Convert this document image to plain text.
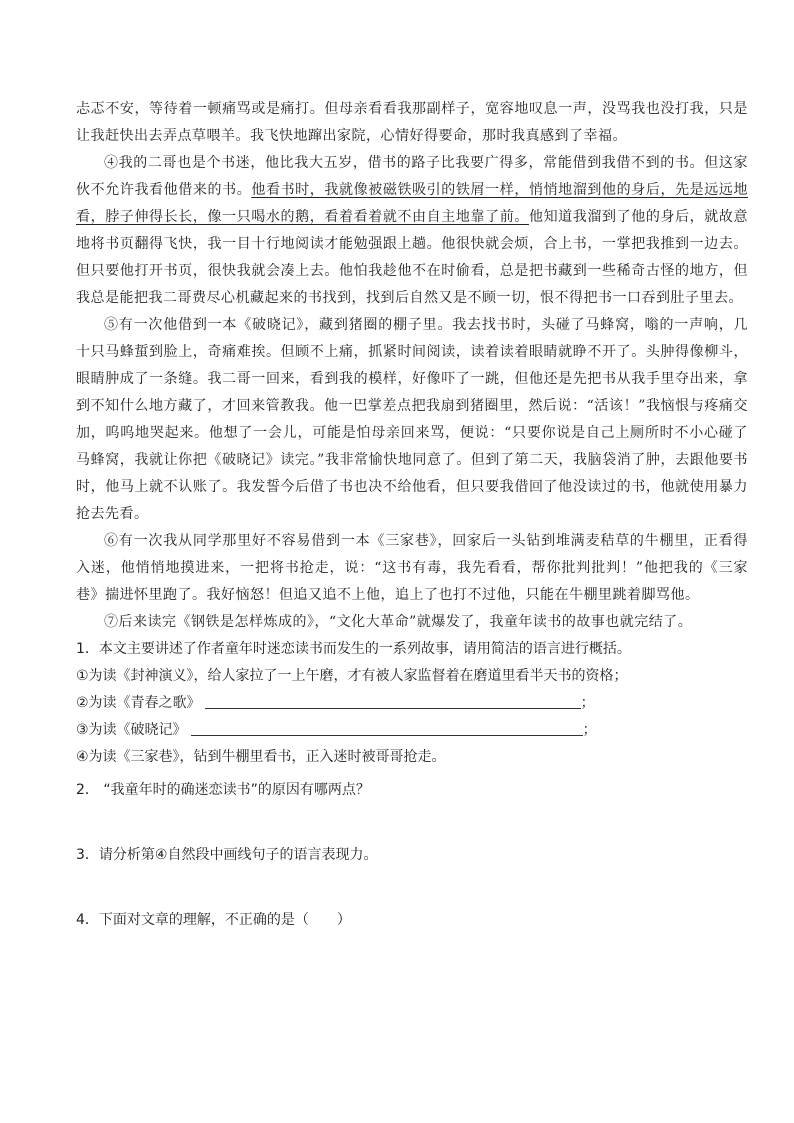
忐忑不安，等待着一顿痛骂或是痛打。但母亲看看我那副样子，宽容地叹息一声，没骂我也没打我，只是让我赶快出去弄点草喂羊。我飞快地蹿出家院，心情好得要命，那时我真感到了幸福。

④我的二哥也是个书迷，他比我大五岁，借书的路子比我要广得多，常能借到我借不到的书。但这家伙不允许我看他借来的书。他看书时，我就像被磁铁吸引的铁屑一样，悄悄地溜到他的身后，先是远远地看，脖子伸得长长，像一只喝水的鹅，看着看着就不由自主地靠了前。他知道我溜到了他的身后，就故意地将书页翻得飞快，我一目十行地阅读才能勉强跟上趟。他很快就会烦，合上书，一掌把我推到一边去。但只要他打开书页，很快我就会凑上去。他怕我趁他不在时偷看，总是把书藏到一些稀奇古怪的地方，但我总是能把我二哥费尽心机藏起来的书找到，找到后自然又是不顾一切，恨不得把书一口吞到肚子里去。

⑤有一次他借到一本《破晓记》，藏到猪圈的棚子里。我去找书时，头碰了马蜂窝，嗡的一声响，几十只马蜂蜇到脸上，奇痛难挨。但顾不上痛，抓紧时间阅读，读着读着眼睛就睁不开了。头肿得像柳斗，眼睛肿成了一条缝。我二哥一回来，看到我的模样，好像吓了一跳，但他还是先把书从我手里夺出来，拿到不知什么地方藏了，才回来管教我。他一巴掌差点把我扇到猪圈里，然后说：“活该！”我恼恨与疼痛交加，呜呜地哭起来。他想了一会儿，可能是怕母亲回来骂，便说：“只要你说是自己上厕所时不小心碰了马蜂窝，我就让你把《破晓记》读完。”我非常愉快地同意了。但到了第二天，我脑袋消了肿，去跟他要书时，他马上就不认账了。我发誓今后借了书也决不给他看，但只要我借回了他没读过的书，他就使用暴力抢去先看。

⑥有一次我从同学那里好不容易借到一本《三家巷》，回家后一头钻到堆满麦秸草的牛棚里，正看得入迷，他悄悄地摸进来，一把将书抢走，说：“这书有毒，我先看看，帮你批判批判！”他把我的《三家巷》揣进怀里跑了。我好恼怒！但追又追不上他，追上了也打不过他，只能在牛棚里跳着脚骂他。

⑦后来读完《钢铁是怎样炼成的》，“文化大革命”就爆发了，我童年读书的故事也就完结了。

1．本文主要讲述了作者童年时迷恋读书而发生的一系列故事，请用简洁的语言进行概括。

①为读《封神演义》，给人家拉了一上午磨，才有被人家监督着在磨道里看半天书的资格；

②为读《青春之歌》	；

③为读《破晓记》	；

④为读《三家巷》，钻到牛棚里看书，正入迷时被哥哥抢走。

2． “我童年时的确迷恋读书”的原因有哪两点？

3．请分析第④自然段中画线句子的语言表现力。

4．下面对文章的理解，不正确的是（　　）
